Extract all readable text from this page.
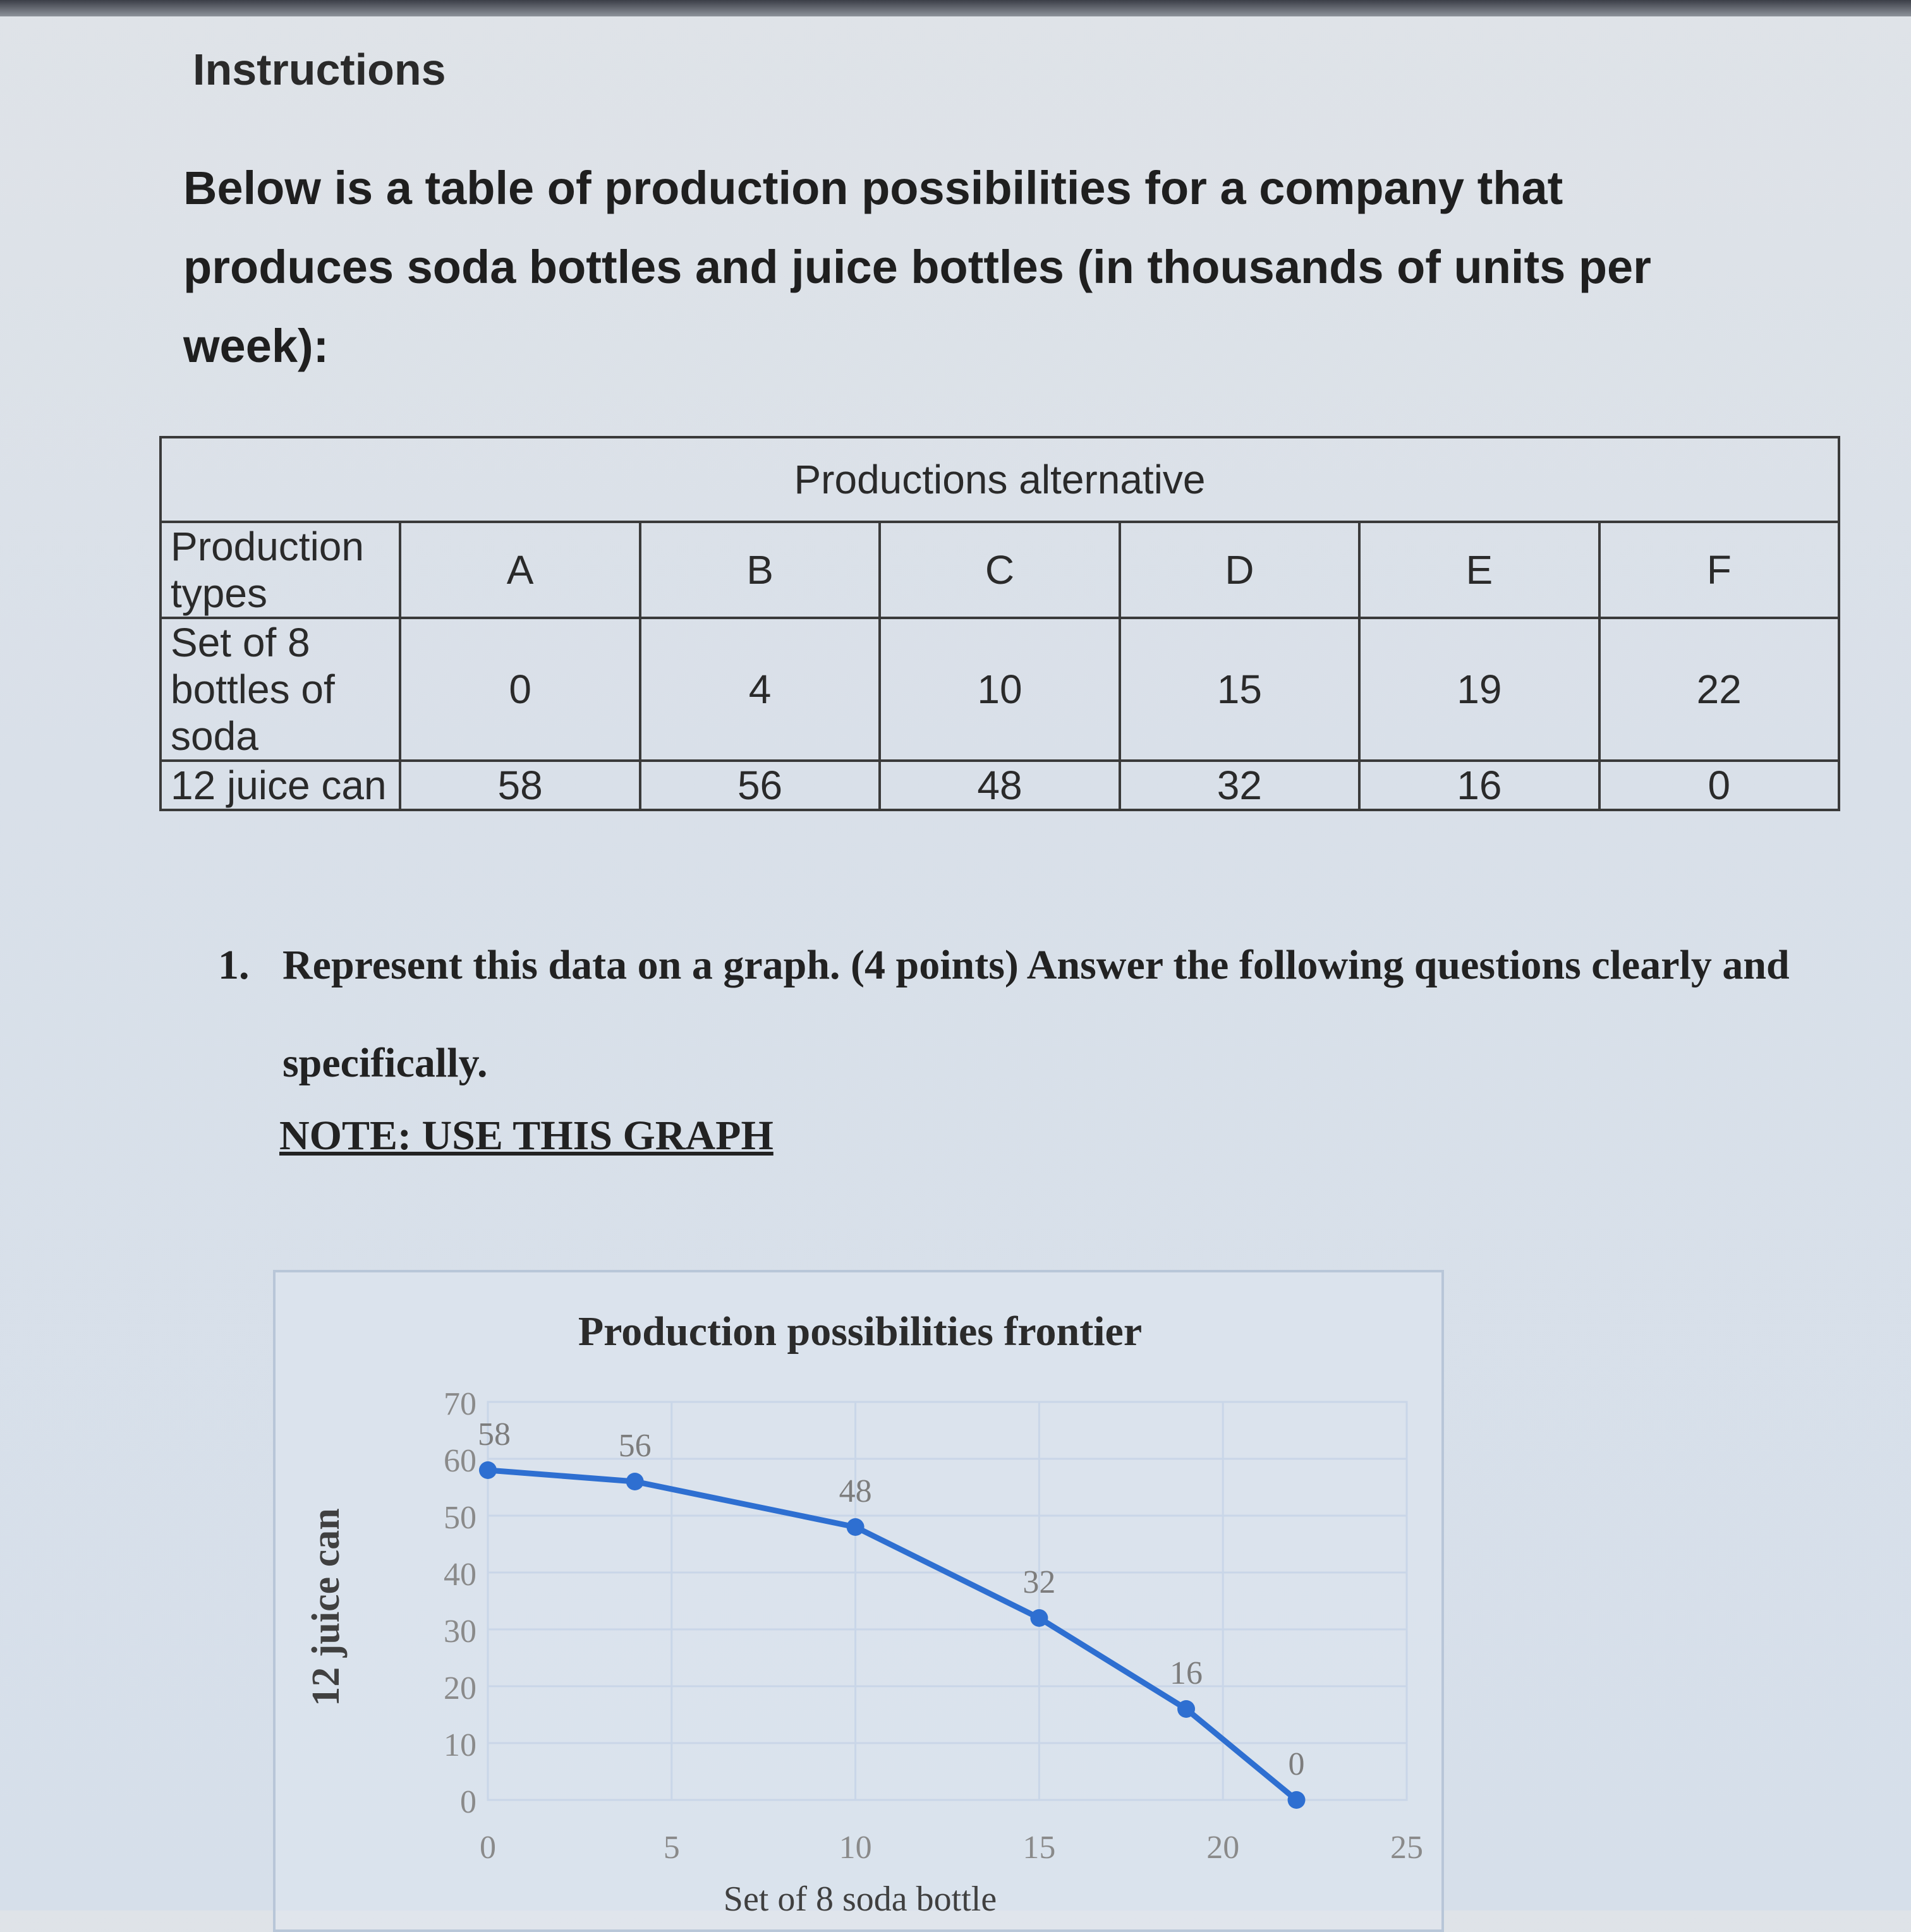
Instructions

Below is a table of production possibilities for a company that produces soda bottles and juice bottles (in thousands of units per week):

Productions alternative						
Production types	A	B	C	D	E	F
Set of 8 bottles of soda	0	4	10	15	19	22
12 juice can	58	56	48	32	16	0

1. Represent this data on a graph. (4 points) Answer the following questions clearly and specifically.

NOTE: USE THIS GRAPH

Production possibilities frontier
12 juice can
Set of 8 soda bottle
0
10
20
30
40
50
60
70
0	5	10	15	20	25
58	56
48
32
16
0
